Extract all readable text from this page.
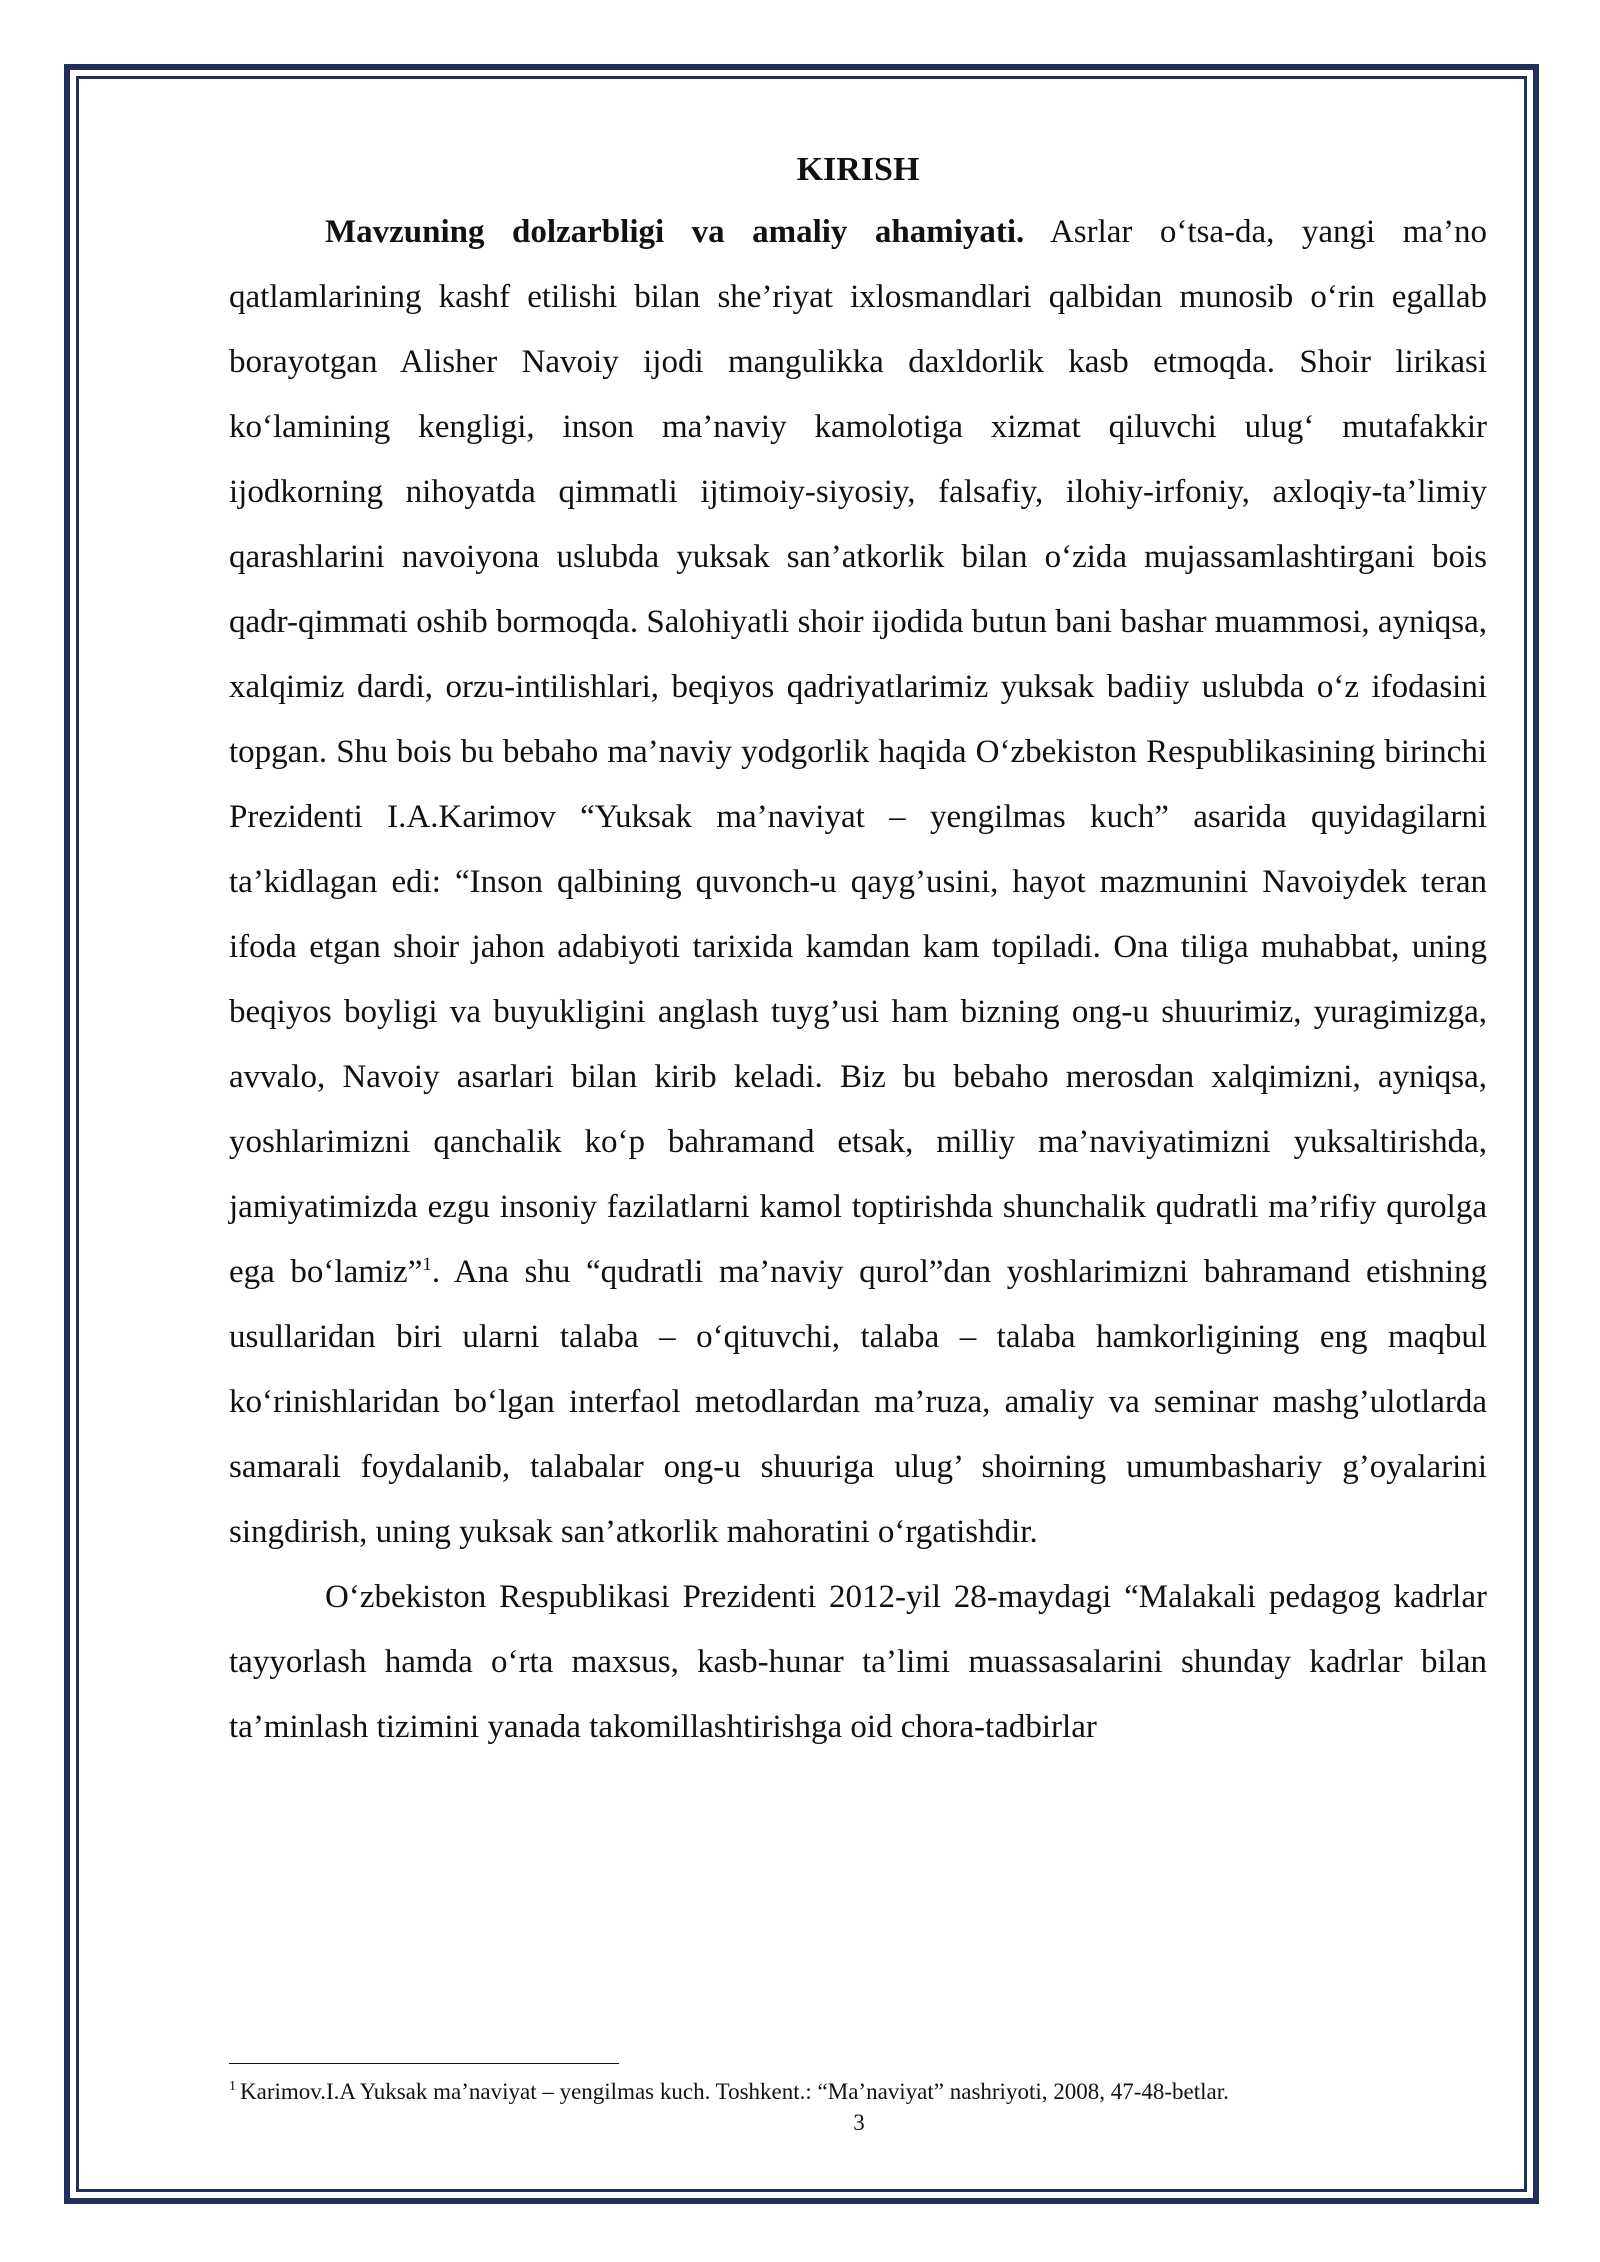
KIRISH

Mavzuning dolzarbligi va amaliy ahamiyati. Asrlar o‘tsa-da, yangi ma’no qatlamlarining kashf etilishi bilan she’riyat ixlosmandlari qalbidan munosib o‘rin egallab borayotgan Alisher Navoiy ijodi mangulikka daxldorlik kasb etmoqda. Shoir lirikasi ko‘lamining kengligi, inson ma’naviy kamolotiga xizmat qiluvchi ulug‘ mutafakkir ijodkorning nihoyatda qimmatli ijtimoiy-siyosiy, falsafiy, ilohiy-irfoniy, axloqiy-ta’limiy qarashlarini navoiyona uslubda yuksak san’atkorlik bilan o‘zida mujassamlashtirgani bois qadr-qimmati oshib bormoqda. Salohiyatli shoir ijodida butun bani bashar muammosi, ayniqsa, xalqimiz dardi, orzu-intilishlari, beqiyos qadriyatlarimiz yuksak badiiy uslubda o‘z ifodasini topgan. Shu bois bu bebaho ma’naviy yodgorlik haqida O‘zbekiston Respublikasining birinchi Prezidenti I.A.Karimov “Yuksak ma’naviyat – yengilmas kuch” asarida quyidagilarni ta’kidlagan edi: “Inson qalbining quvonch-u qayg’usini, hayot mazmunini Navoiydek teran ifoda etgan shoir jahon adabiyoti tarixida kamdan kam topiladi. Ona tiliga muhabbat, uning beqiyos boyligi va buyukligini anglash tuyg’usi ham bizning ong-u shuurimiz, yuragimizga, avvalo, Navoiy asarlari bilan kirib keladi. Biz bu bebaho merosdan xalqimizni, ayniqsa, yoshlarimizni qanchalik ko‘p bahramand etsak, milliy ma’naviyatimizni yuksaltirishda, jamiyatimizda ezgu insoniy fazilatlarni kamol toptirishda shunchalik qudratli ma’rifiy qurolga ega bo‘lamiz”$^1$. Ana shu “qudratli ma’naviy qurol”dan yoshlarimizni bahramand etishning usullaridan biri ularni talaba – o‘qituvchi, talaba – talaba hamkorligining eng maqbul ko‘rinishlaridan bo‘lgan interfaol metodlardan ma’ruza, amaliy va seminar mashg’ulotlarda samarali foydalanib, talabalar ong-u shuuriga ulug’ shoirning umumbashariy g’oyalarini singdirish, uning yuksak san’atkorlik mahoratini o‘rgatishdir.

O‘zbekiston Respublikasi Prezidenti 2012-yil 28-maydagi “Malakali pedagog kadrlar tayyorlash hamda o‘rta maxsus, kasb-hunar ta’limi muassasalarini shunday kadrlar bilan ta’minlash tizimini yanada takomillashtirishga oid chora-tadbirlar

$^1$ Karimov.I.A Yuksak ma’naviyat – yengilmas kuch. Toshkent.: “Ma’naviyat” nashriyoti, 2008, 47-48-betlar.
3
